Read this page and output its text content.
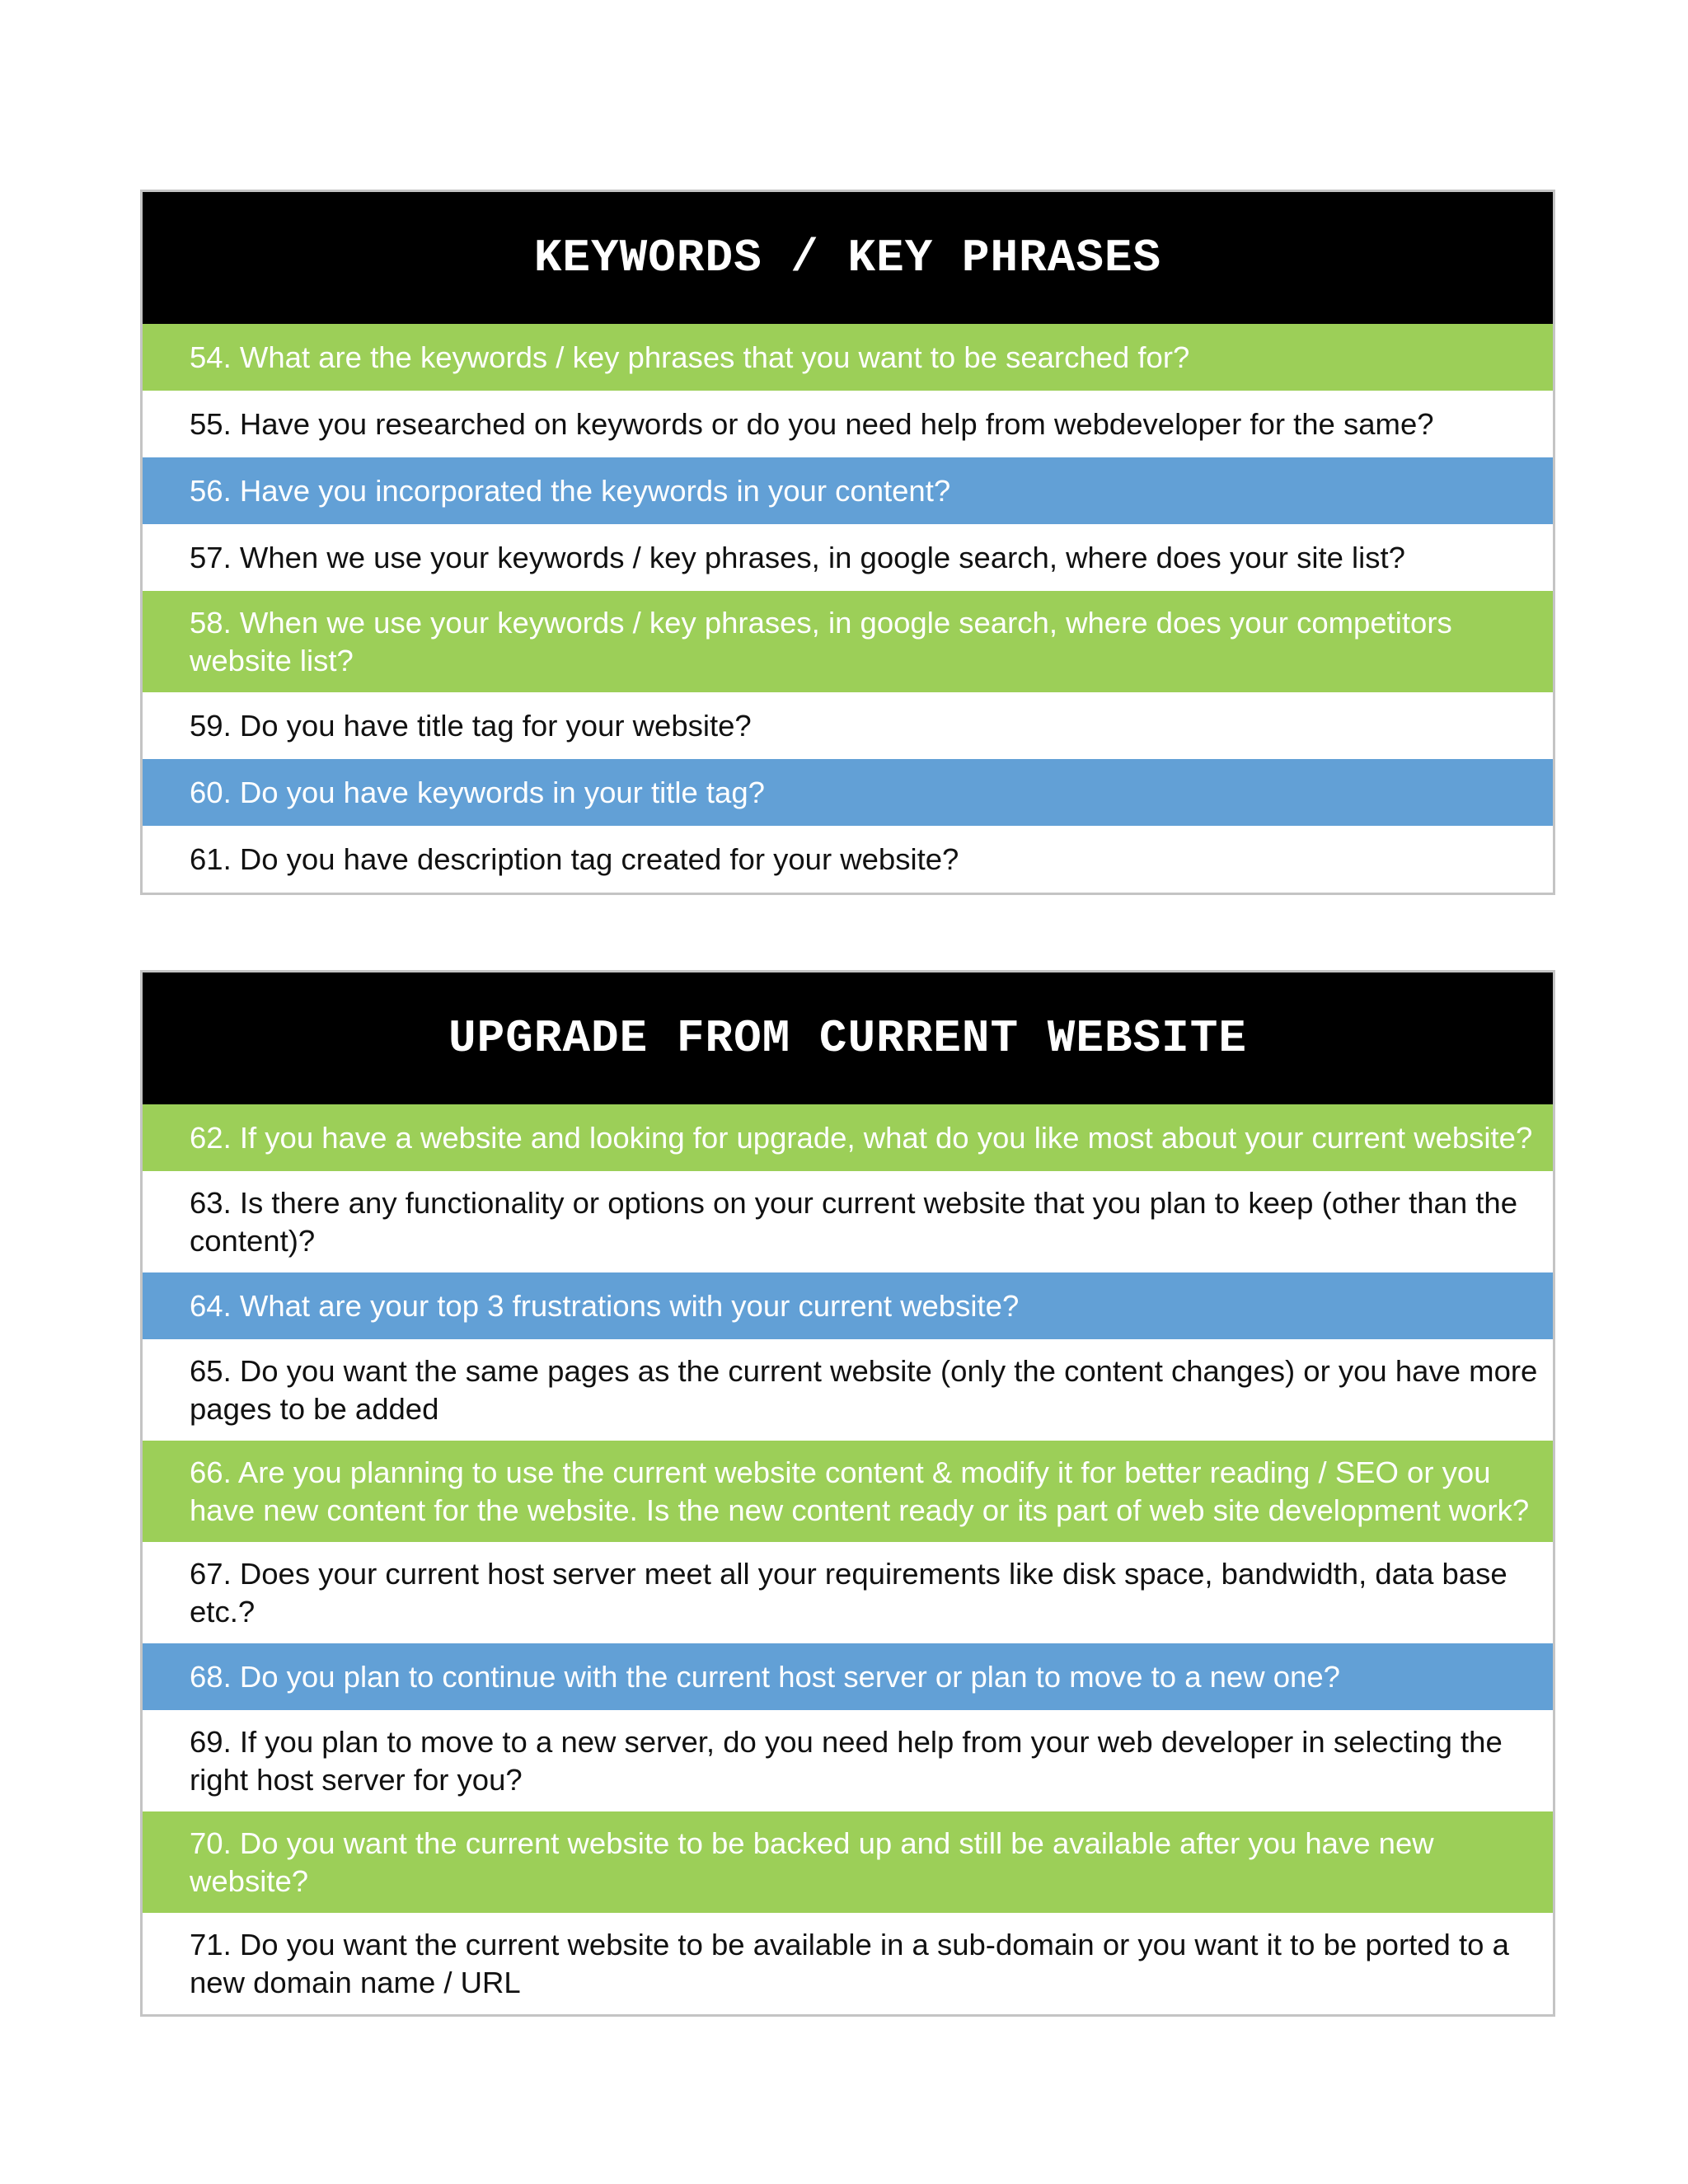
KEYWORDS / KEY PHRASES
54. What are the keywords / key phrases that you want to be searched for?
55. Have you researched on keywords or do you need help from webdeveloper for the same?
56. Have you incorporated the keywords in your content?
57. When we use your keywords / key phrases, in google search, where does your site list?
58. When we use your keywords / key phrases, in google search, where does your competitors website list?
59. Do you have title tag for your website?
60. Do you have keywords in your title tag?
61. Do you have description tag created for your website?
UPGRADE FROM CURRENT WEBSITE
62. If you have a website and looking for upgrade, what do you like most about your current website?
63. Is there any functionality or options on your current website that you plan to keep (other than the content)?
64. What are your top 3 frustrations with your current website?
65. Do you want the same pages as the current website (only the content changes) or you have more pages to be added
66. Are you planning to use the current website content & modify it for better reading / SEO or you have new content for the website. Is the new content ready or its part of web site development work?
67. Does your current host server meet all your requirements like disk space, bandwidth, data base etc.?
68. Do you plan to continue with the current host server or plan to move to a new one?
69. If you plan to move to a new server, do you need help from your web developer in selecting the right host server for you?
70. Do you want the current website to be backed up and still be available after you have new website?
71. Do you want the current website to be available in a sub-domain or you want it to be ported to a new domain name / URL
